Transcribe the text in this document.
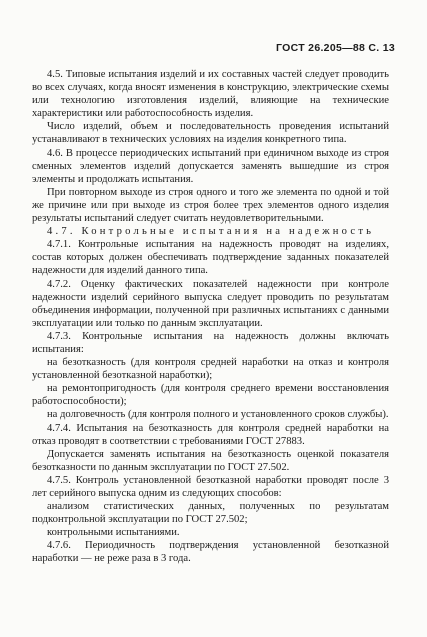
ГОСТ 26.205—88 С. 13

4.5. Типовые испытания изделий и их составных частей следует проводить во всех случаях, когда вносят изменения в конструкцию, электрические схемы или технологию изготовления изделий, влияющие на технические характеристики или работоспособность изделия.

Число изделий, объем и последовательность проведения испытаний устанавливают в технических условиях на изделия конкретного типа.

4.6. В процессе периодических испытаний при единичном выходе из строя сменных элементов изделий допускается заменять вышедшие из строя элементы и продолжать испытания.

При повторном выходе из строя одного и того же элемента по одной и той же причине или при выходе из строя более трех элементов одного изделия результаты испытаний следует считать неудовлетворительными.

4.7. Контрольные испытания на надежность

4.7.1. Контрольные испытания на надежность проводят на изделиях, состав которых должен обеспечивать подтверждение заданных показателей надежности для изделий данного типа.

4.7.2. Оценку фактических показателей надежности при контроле надежности изделий серийного выпуска следует проводить по результатам объединения информации, полученной при различных испытаниях с данными эксплуатации или только по данным эксплуатации.

4.7.3. Контрольные испытания на надежность должны включать испытания:

на безотказность (для контроля средней наработки на отказ и контроля установленной безотказной наработки);

на ремонтопригодность (для контроля среднего времени восстановления работоспособности);

на долговечность (для контроля полного и установленного сроков службы).

4.7.4. Испытания на безотказность для контроля средней наработки на отказ проводят в соответствии с требованиями ГОСТ 27883.

Допускается заменять испытания на безотказность оценкой показателя безотказности по данным эксплуатации по ГОСТ 27.502.

4.7.5. Контроль установленной безотказной наработки проводят после 3 лет серийного выпуска одним из следующих способов:

анализом статистических данных, полученных по результатам подконтрольной эксплуатации по ГОСТ 27.502;

контрольными испытаниями.

4.7.6. Периодичность подтверждения установленной безотказной наработки — не реже раза в 3 года.
